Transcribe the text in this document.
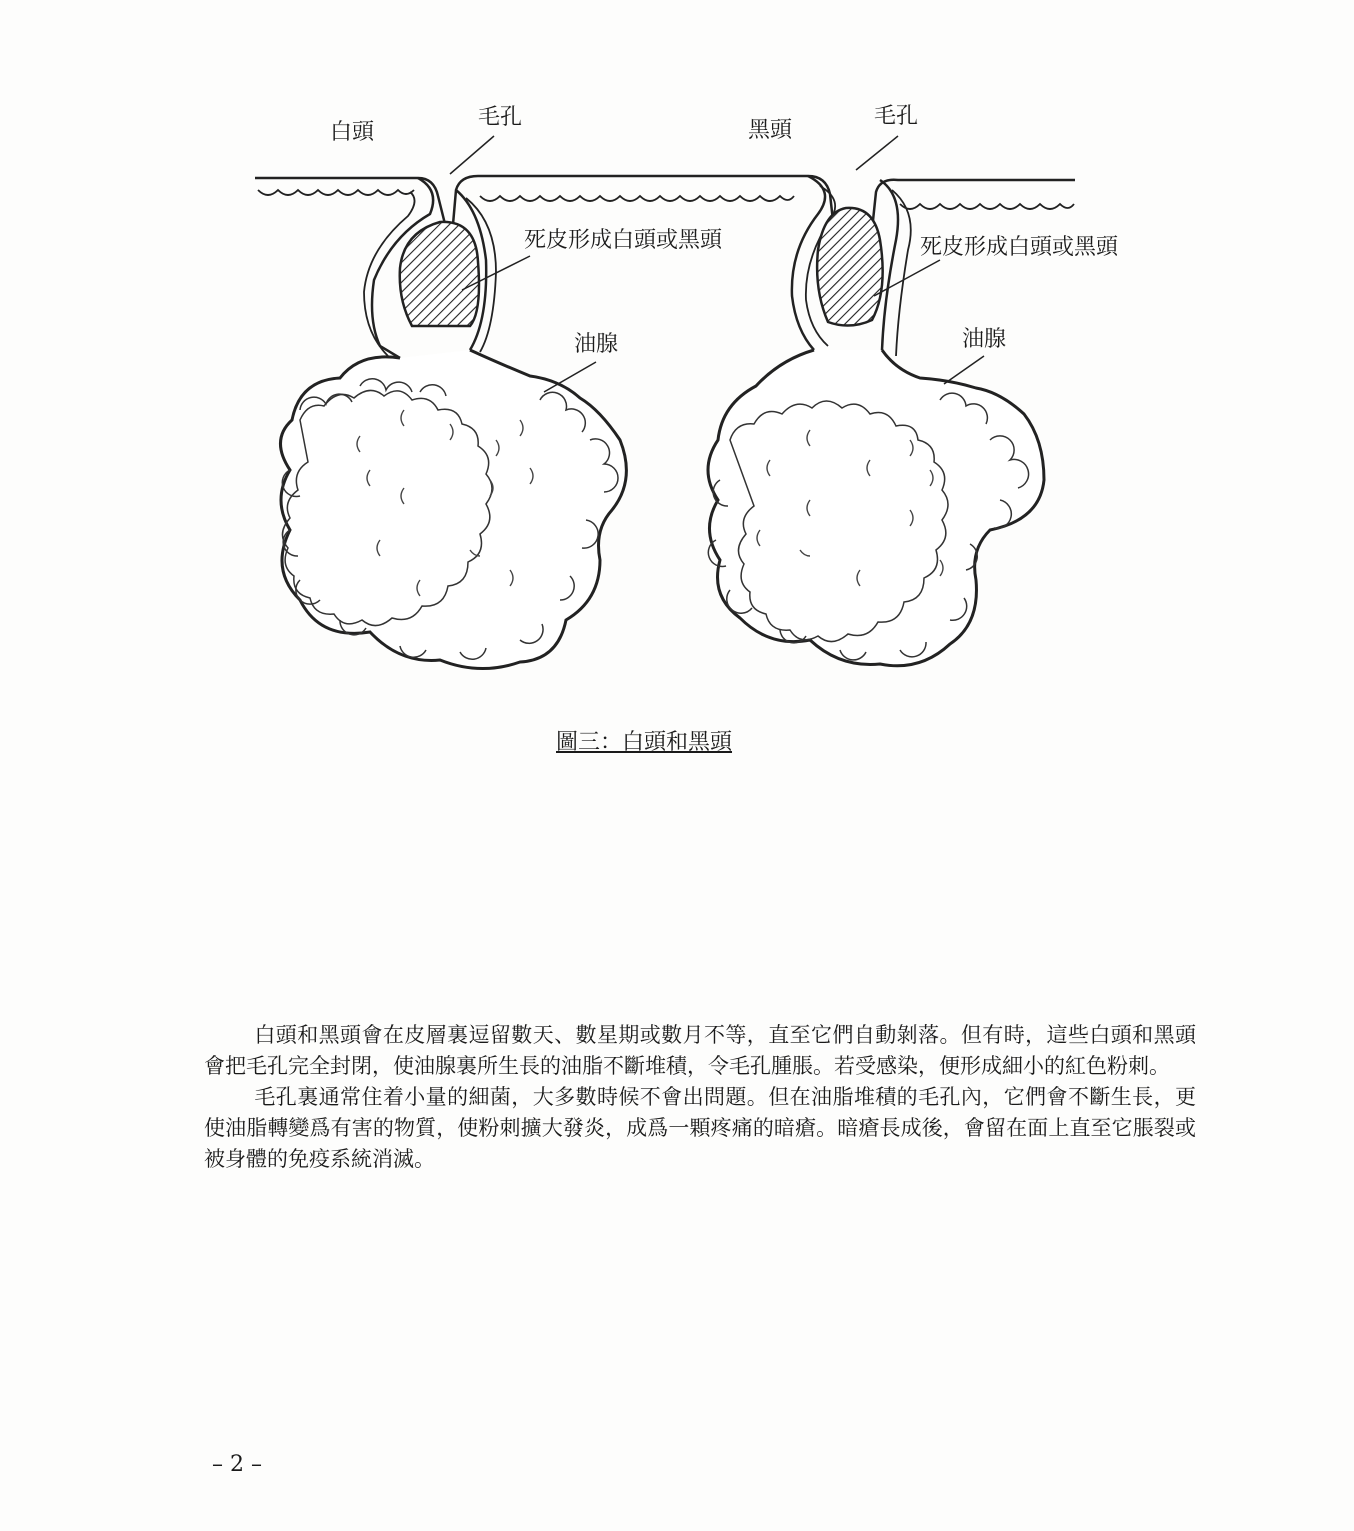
白頭
毛孔
死皮形成白頭或黑頭
油腺
黑頭
毛孔
死皮形成白頭或黑頭
油腺
圖三：白頭和黑頭

白頭和黑頭會在皮層裏逗留數天、數星期或數月不等，直至它們自動剝落。但有時，這些白頭和黑頭會把毛孔完全封閉，使油腺裏所生長的油脂不斷堆積，令毛孔腫脹。若受感染，便形成細小的紅色粉刺。

毛孔裏通常住着小量的細菌，大多數時候不會出問題。但在油脂堆積的毛孔內，它們會不斷生長，更使油脂轉變爲有害的物質，使粉刺擴大發炎，成爲一顆疼痛的暗瘡。暗瘡長成後，會留在面上直至它脹裂或被身體的免疫系統消滅。

– 2 –
